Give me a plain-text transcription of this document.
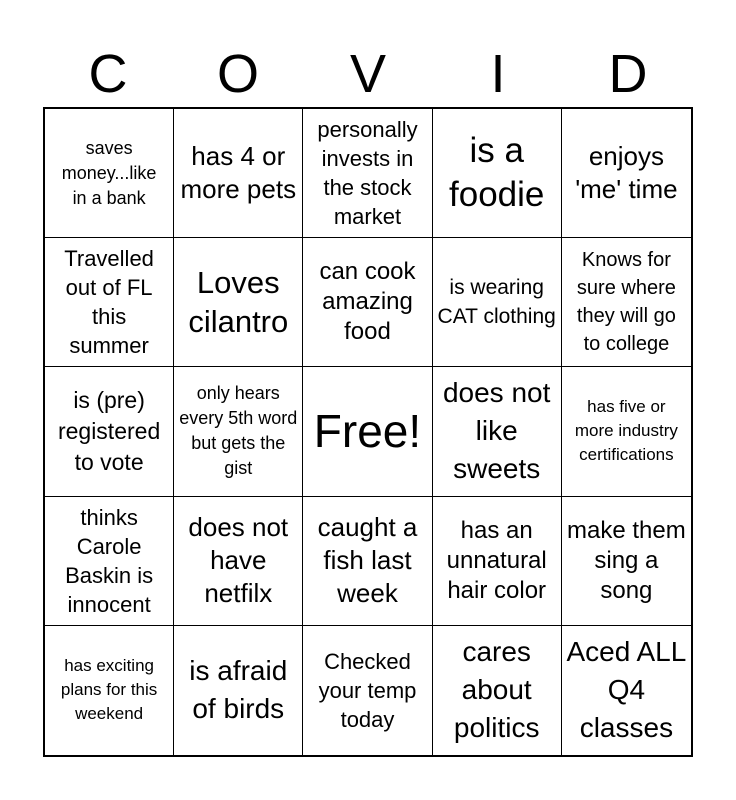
C	O	V	I	D
saves money...like in a bank
has 4 or more pets
personally invests in the stock market
is a foodie
enjoys 'me' time
Travelled out of FL this summer
Loves cilantro
can cook amazing food
is wearing CAT clothing
Knows for sure where they will go to college
is (pre) registered to vote
only hears every 5th word but gets the gist
Free!
does not like sweets
has five or more industry certifications
thinks Carole Baskin is innocent
does not have netfilx
caught a fish last week
has an unnatural hair color
make them sing a song
has exciting plans for this weekend
is afraid of birds
Checked your temp today
cares about politics
Aced ALL Q4 classes
